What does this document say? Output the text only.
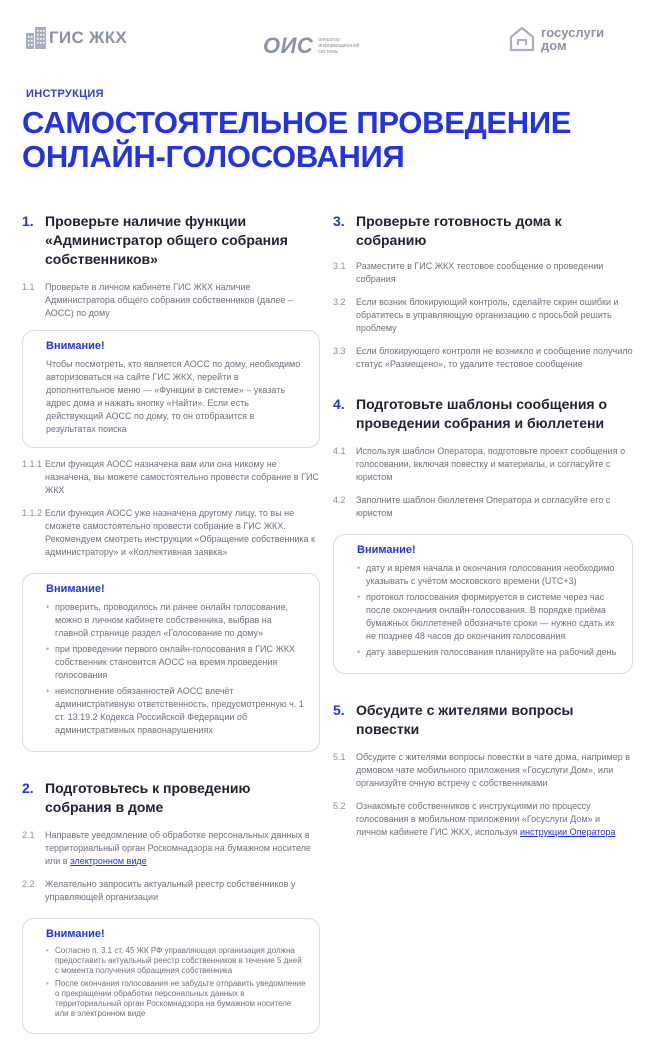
ГИС ЖКХ	ОИС оператор информационной системы
госуслуги
дом
ИНСТРУКЦИЯ
САМОСТОЯТЕЛЬНОЕ ПРОВЕДЕНИЕ
ОНЛАЙН-ГОЛОСОВАНИЯ
1. Проверьте наличие функции «Администратор общего собрания собственников»
1.1	Проверьте в личном кабинете ГИС ЖКХ наличие Администратора общего собрания собственников (далее – АОСС) по дому
Внимание!
Чтобы посмотреть, кто является АОСС по дому, необходимо авторизоваться на сайте ГИС ЖКХ, перейти в дополнительное меню — «Функции в системе» – указать адрес дома и нажать кнопку «Найти». Если есть действующий АОСС по дому, то он отобразится в результатах поиска
1.1.1 Если функция АОСС назначена вам или она никому не назначена, вы можете самостоятельно провести собрание в ГИС ЖКХ
1.1.2 Если функция АОСС уже назначена другому лицу, то вы не сможете самостоятельно провести собрание в ГИС ЖКХ. Рекомендуем смотреть инструкции «Обращение собственника к администратору» и «Коллективная заявка»
Внимание!
• проверить, проводилось ли ранее онлайн голосование, можно в личном кабинете собственника, выбрав на главной странице раздел «Голосование по дому»
• при проведении первого онлайн-голосования в ГИС ЖКХ собственник становится АОСС на время проведения голосования
• неисполнение обязанностей АОСС влечёт административную ответственность, предусмотренную ч. 1 ст. 13.19.2 Кодекса Российской Федерации об административных правонарушениях
2. Подготовьтесь к проведению собрания в доме
2.1	Направьте уведомление об обработке персональных данных в территориальный орган Роскомнадзора на бумажном носителе или в электронном виде
2.2	Желательно запросить актуальный реестр собственников у управляющей организации
Внимание!
• Согласно п. 3.1 ст. 45 ЖК РФ управляющая организация должна предоставить актуальный реестр собственников в течение 5 дней с момента получения обращения собственника
• После окончания голосования не забудьте отправить уведомление о прекращении обработки персональных данных в территориальный орган Роскомнадзора на бумажном носителе или в электронном виде
3. Проверьте готовность дома к собранию
3.1	Разместите в ГИС ЖКХ тестовое сообщение о проведении собрания
3.2	Если возник блокирующий контроль, сделайте скрин ошибки и обратитесь в управляющую организацию с просьбой решить проблему
3.3	Если блокирующего контроля не возникло и сообщение получило статус «Размещено», то удалите тестовое сообщение
4. Подготовьте шаблоны сообщения о проведении собрания и бюллетени
4.1	Используя шаблон Оператора, подготовьте проект сообщения о голосовании, включая повестку и материалы, и согласуйте с юристом
4.2	Заполните шаблон бюллетеня Оператора и согласуйте его с юристом
Внимание!
• дату и время начала и окончания голосования необходимо указывать с учётом московского времени (UTC+3)
• протокол голосования формируется в системе через час после окончания онлайн-голосования. В порядке приёма бумажных бюллетеней обозначьте сроки — нужно сдать их не позднее 48 часов до окончания голосования
• дату завершения голосования планируйте на рабочий день
5. Обсудите с жителями вопросы повестки
5.1	Обсудите с жителями вопросы повестки в чате дома, например в домовом чате мобильного приложения «Госуслуги Дом», или организуйте очную встречу с собственниками
5.2	Ознакомьте собственников с инструкциями по процессу голосования в мобильном приложении «Госуслуги Дом» и личном кабинете ГИС ЖКХ, используя инструкции Оператора
